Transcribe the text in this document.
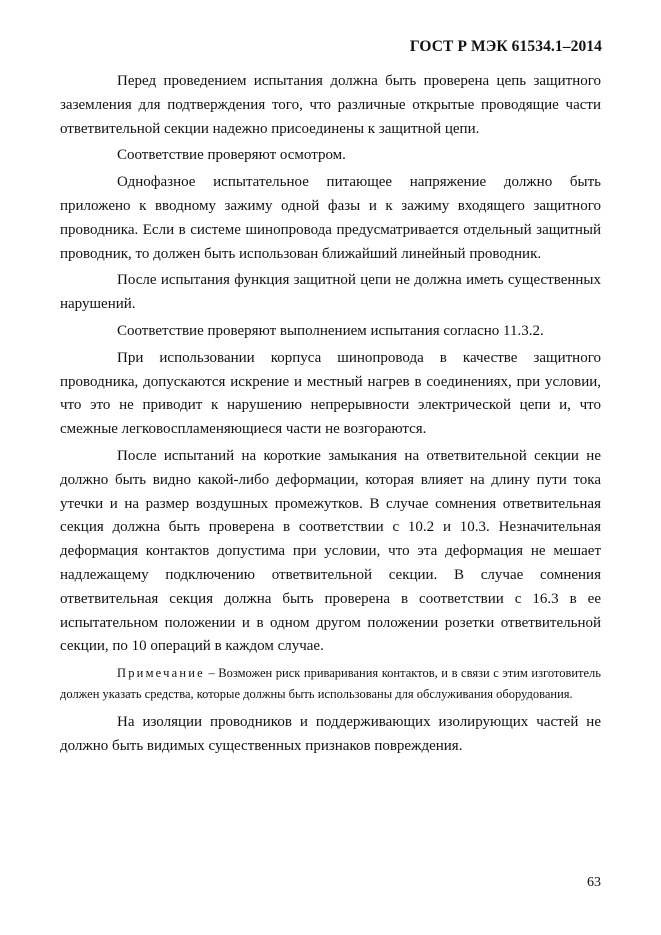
ГОСТ Р МЭК 61534.1–2014

Перед проведением испытания должна быть проверена цепь защитного заземления для подтверждения того, что различные открытые проводящие части ответвительной секции надежно присоединены к защитной цепи.

Соответствие проверяют осмотром.

Однофазное испытательное питающее напряжение должно быть приложено к вводному зажиму одной фазы и к зажиму входящего защитного проводника. Если в системе шинопровода предусматривается отдельный защитный проводник, то должен быть использован ближайший линейный проводник.

После испытания функция защитной цепи не должна иметь существенных нарушений.

Соответствие проверяют выполнением испытания согласно 11.3.2.

При использовании корпуса шинопровода в качестве защитного проводника, допускаются искрение и местный нагрев в соединениях, при условии, что это не приводит к нарушению непрерывности электрической цепи и, что смежные легковоспламеняющиеся части не возгораются.

После испытаний на короткие замыкания на ответвительной секции не должно быть видно какой-либо деформации, которая влияет на длину пути тока утечки и на размер воздушных промежутков. В случае сомнения ответвительная секция должна быть проверена в соответствии с 10.2 и 10.3. Незначительная деформация контактов допустима при условии, что эта деформация не мешает надлежащему подключению ответвительной секции. В случае сомнения ответвительная секция должна быть проверена в соответствии с 16.3 в ее испытательном положении и в одном другом положении розетки ответвительной секции, по 10 операций в каждом случае.

Примечание – Возможен риск приваривания контактов, и в связи с этим изготовитель должен указать средства, которые должны быть использованы для обслуживания оборудования.

На изоляции проводников и поддерживающих изолирующих частей не должно быть видимых существенных признаков повреждения.

63
